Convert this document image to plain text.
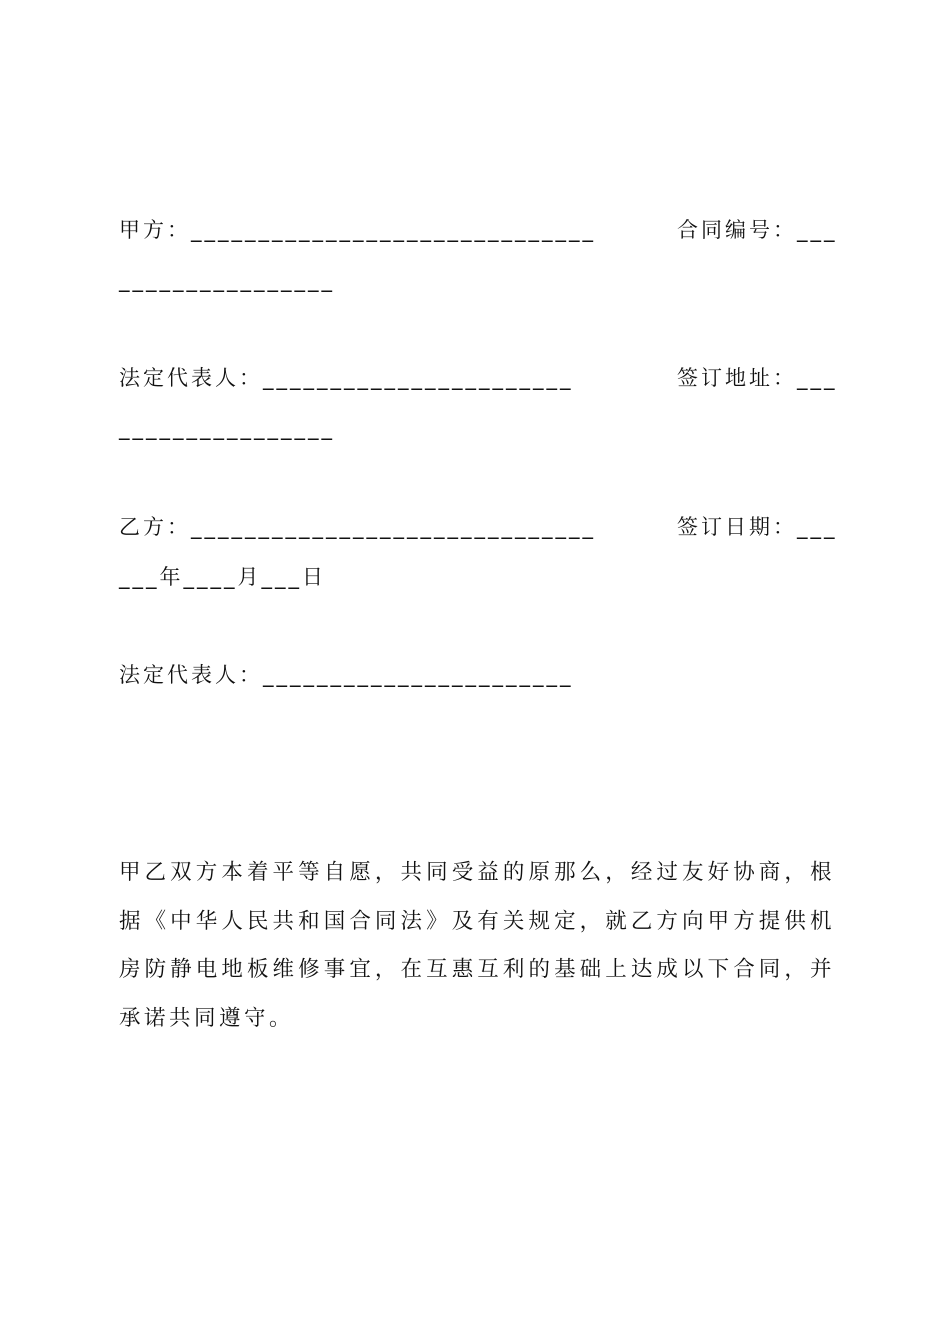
甲方：______________________________	合同编号：___
________________
法定代表人：_______________________	签订地址：___
________________
乙方：______________________________	签订日期：___
___年____月___日
法定代表人：_______________________
甲乙双方本着平等自愿，共同受益的原那么，经过友好协商，根据《中华人民共和国合同法》及有关规定，就乙方向甲方提供机房防静电地板维修事宜，在互惠互利的基础上达成以下合同，并承诺共同遵守。
